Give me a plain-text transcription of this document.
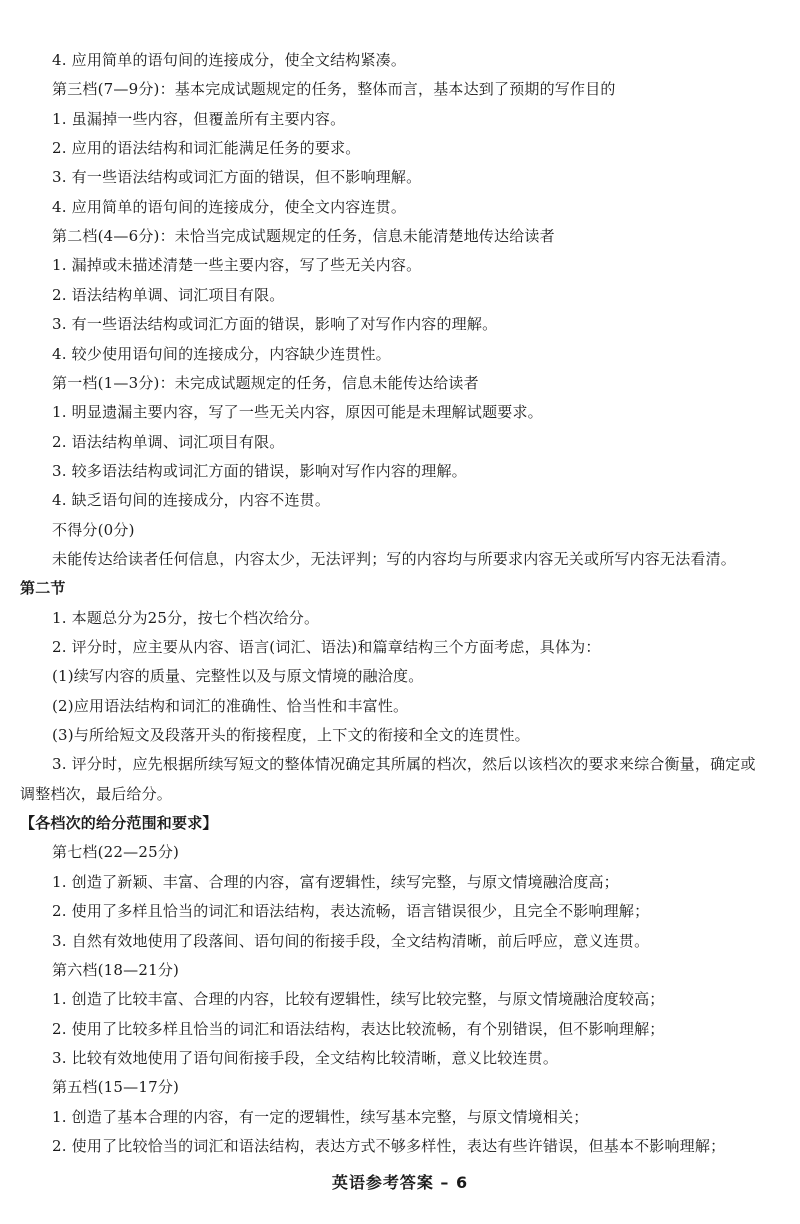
4. 应用简单的语句间的连接成分，使全文结构紧凑。
第三档(7—9分)：基本完成试题规定的任务，整体而言，基本达到了预期的写作目的
1. 虽漏掉一些内容，但覆盖所有主要内容。
2. 应用的语法结构和词汇能满足任务的要求。
3. 有一些语法结构或词汇方面的错误，但不影响理解。
4. 应用简单的语句间的连接成分，使全文内容连贯。
第二档(4—6分)：未恰当完成试题规定的任务，信息未能清楚地传达给读者
1. 漏掉或未描述清楚一些主要内容，写了些无关内容。
2. 语法结构单调、词汇项目有限。
3. 有一些语法结构或词汇方面的错误，影响了对写作内容的理解。
4. 较少使用语句间的连接成分，内容缺少连贯性。
第一档(1—3分)：未完成试题规定的任务，信息未能传达给读者
1. 明显遗漏主要内容，写了一些无关内容，原因可能是未理解试题要求。
2. 语法结构单调、词汇项目有限。
3. 较多语法结构或词汇方面的错误，影响对写作内容的理解。
4. 缺乏语句间的连接成分，内容不连贯。
不得分(0分)
未能传达给读者任何信息，内容太少，无法评判；写的内容均与所要求内容无关或所写内容无法看清。
第二节
1. 本题总分为25分，按七个档次给分。
2. 评分时，应主要从内容、语言(词汇、语法)和篇章结构三个方面考虑，具体为：
(1)续写内容的质量、完整性以及与原文情境的融洽度。
(2)应用语法结构和词汇的准确性、恰当性和丰富性。
(3)与所给短文及段落开头的衔接程度，上下文的衔接和全文的连贯性。
3. 评分时，应先根据所续写短文的整体情况确定其所属的档次，然后以该档次的要求来综合衡量，确定或
调整档次，最后给分。
【各档次的给分范围和要求】
第七档(22—25分)
1. 创造了新颖、丰富、合理的内容，富有逻辑性，续写完整，与原文情境融洽度高；
2. 使用了多样且恰当的词汇和语法结构，表达流畅，语言错误很少，且完全不影响理解；
3. 自然有效地使用了段落间、语句间的衔接手段，全文结构清晰，前后呼应，意义连贯。
第六档(18—21分)
1. 创造了比较丰富、合理的内容，比较有逻辑性，续写比较完整，与原文情境融洽度较高；
2. 使用了比较多样且恰当的词汇和语法结构，表达比较流畅，有个别错误，但不影响理解；
3. 比较有效地使用了语句间衔接手段，全文结构比较清晰，意义比较连贯。
第五档(15—17分)
1. 创造了基本合理的内容，有一定的逻辑性，续写基本完整，与原文情境相关；
2. 使用了比较恰当的词汇和语法结构，表达方式不够多样性，表达有些许错误，但基本不影响理解；
英语参考答案 – 6
